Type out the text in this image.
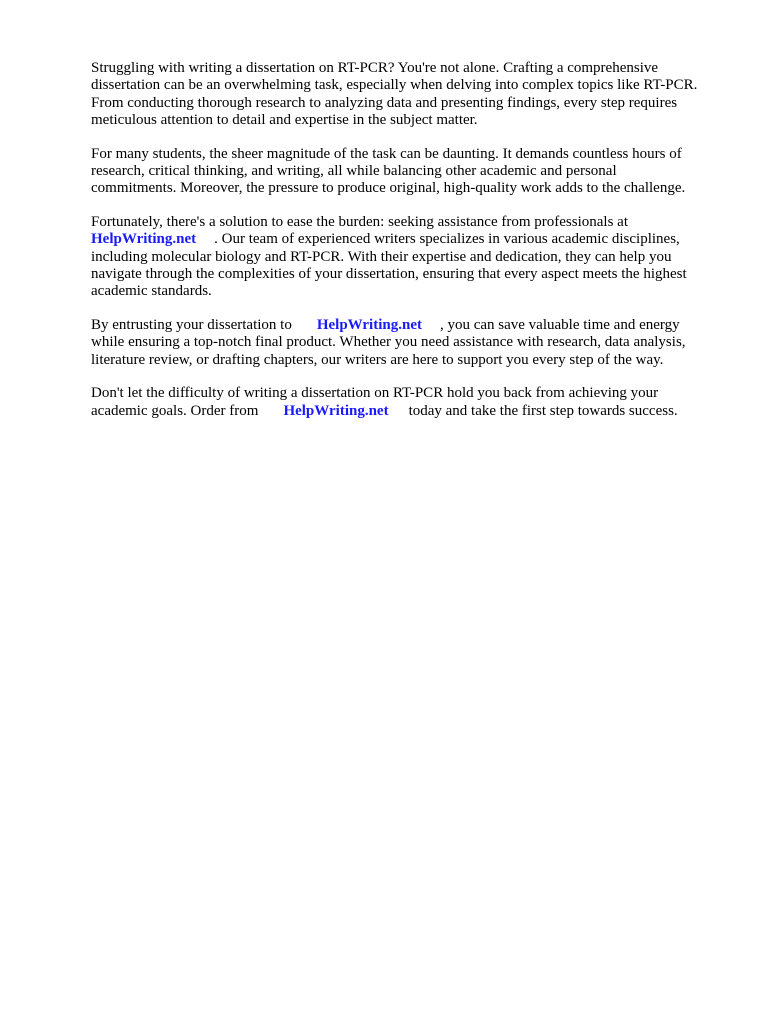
Struggling with writing a dissertation on RT-PCR? You're not alone. Crafting a comprehensive
dissertation can be an overwhelming task, especially when delving into complex topics like RT-PCR.
From conducting thorough research to analyzing data and presenting findings, every step requires
meticulous attention to detail and expertise in the subject matter.

For many students, the sheer magnitude of the task can be daunting. It demands countless hours of
research, critical thinking, and writing, all while balancing other academic and personal
commitments. Moreover, the pressure to produce original, high-quality work adds to the challenge.

Fortunately, there's a solution to ease the burden: seeking assistance from professionals at
HelpWriting.net . Our team of experienced writers specializes in various academic disciplines,
including molecular biology and RT-PCR. With their expertise and dedication, they can help you
navigate through the complexities of your dissertation, ensuring that every aspect meets the highest
academic standards.

By entrusting your dissertation to HelpWriting.net , you can save valuable time and energy
while ensuring a top-notch final product. Whether you need assistance with research, data analysis,
literature review, or drafting chapters, our writers are here to support you every step of the way.

Don't let the difficulty of writing a dissertation on RT-PCR hold you back from achieving your
academic goals. Order from HelpWriting.net today and take the first step towards success.
